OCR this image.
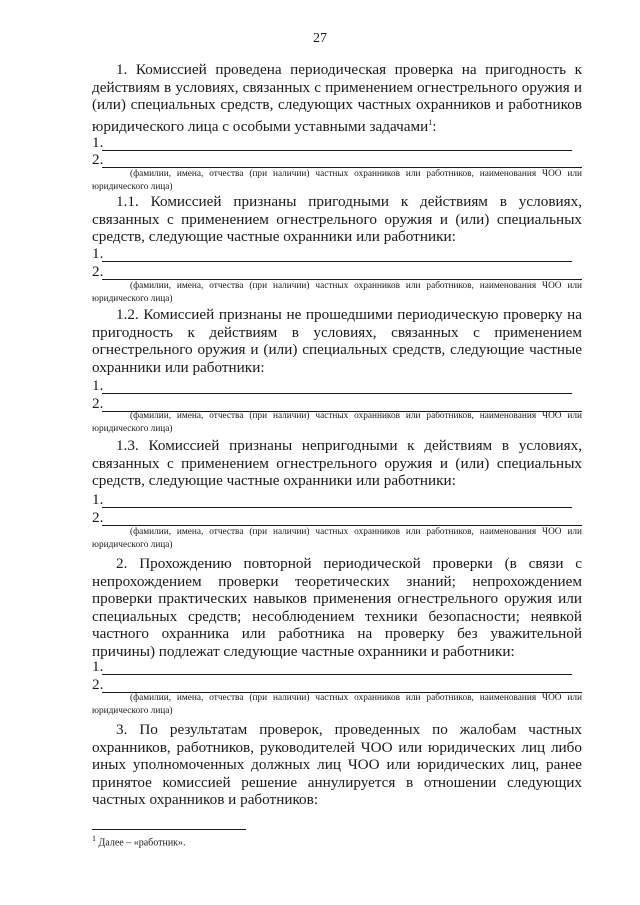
27

1. Комиссией проведена периодическая проверка на пригодность к действиям в условиях, связанных с применением огнестрельного оружия и (или) специальных средств, следующих частных охранников и работников юридического лица с особыми уставными задачами$^1$:

1.
2.

(фамилии, имена, отчества (при наличии) частных охранников или работников, наименования ЧОО или юридического лица)

1.1. Комиссией признаны пригодными к действиям в условиях, связанных с применением огнестрельного оружия и (или) специальных средств, следующие частные охранники или работники:

1.
2.

(фамилии, имена, отчества (при наличии) частных охранников или работников, наименования ЧОО или юридического лица)

1.2. Комиссией признаны не прошедшими периодическую проверку на пригодность к действиям в условиях, связанных с применением огнестрельного оружия и (или) специальных средств, следующие частные охранники или работники:

1.
2.

(фамилии, имена, отчества (при наличии) частных охранников или работников, наименования ЧОО или юридического лица)

1.3. Комиссией признаны непригодными к действиям в условиях, связанных с применением огнестрельного оружия и (или) специальных средств, следующие частные охранники или работники:

1.
2.

(фамилии, имена, отчества (при наличии) частных охранников или работников, наименования ЧОО или юридического лица)

2. Прохождению повторной периодической проверки (в связи с непрохождением проверки теоретических знаний; непрохождением проверки практических навыков применения огнестрельного оружия или специальных средств; несоблюдением техники безопасности; неявкой частного охранника или работника на проверку без уважительной причины) подлежат следующие частные охранники и работники:

1.
2.

(фамилии, имена, отчества (при наличии) частных охранников или работников, наименования ЧОО или юридического лица)

3. По результатам проверок, проведенных по жалобам частных охранников, работников, руководителей ЧОО или юридических лиц либо иных уполномоченных должных лиц ЧОО или юридических лиц, ранее принятое комиссией решение аннулируется в отношении следующих частных охранников и работников:

$^1$ Далее – «работник».
